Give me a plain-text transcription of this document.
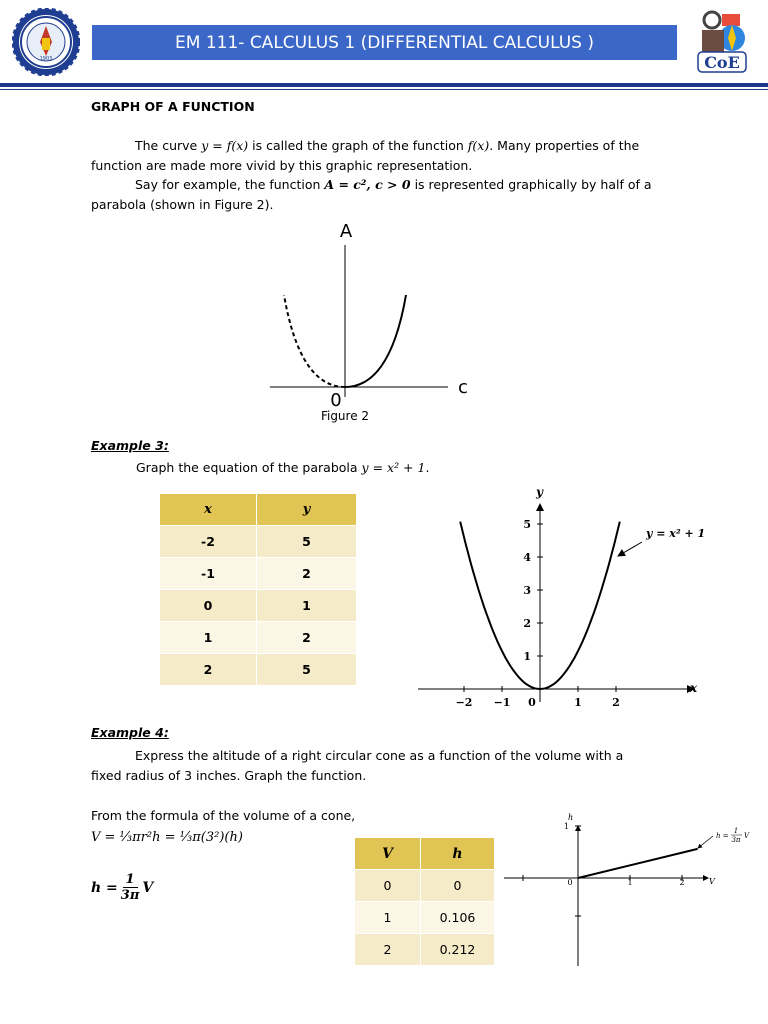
1903
EM 111- CALCULUS 1 (DIFFERENTIAL CALCULUS )
CoE
GRAPH OF A FUNCTION
The curve y = f(x) is called the graph of the function f(x). Many properties of the
function are made more vivid by this graphic representation.
Say for example, the function A = c², c > 0 is represented graphically by half of a
parabola (shown in Figure 2).
A
c
0
Figure 2
Example 3:
Graph the equation of the parabola y = x² + 1.
x	y
-2	5
-1	2
0	1
1	2
2	5
x
y
−2 −1 0	1	2
1
2
3
4
5
y = x² + 1
Example 4:
Express the altitude of a right circular cone as a function of the volume with a
fixed radius of 3 inches. Graph the function.
From the formula of the volume of a cone,
V = ⅓πr²h = ⅓π(3²)(h)
$h = \frac{1}{3\pi}$ V
V	h
0	0
1	0.106
2	0.212
V
h
0	1	2
1
h =
1
3π V
